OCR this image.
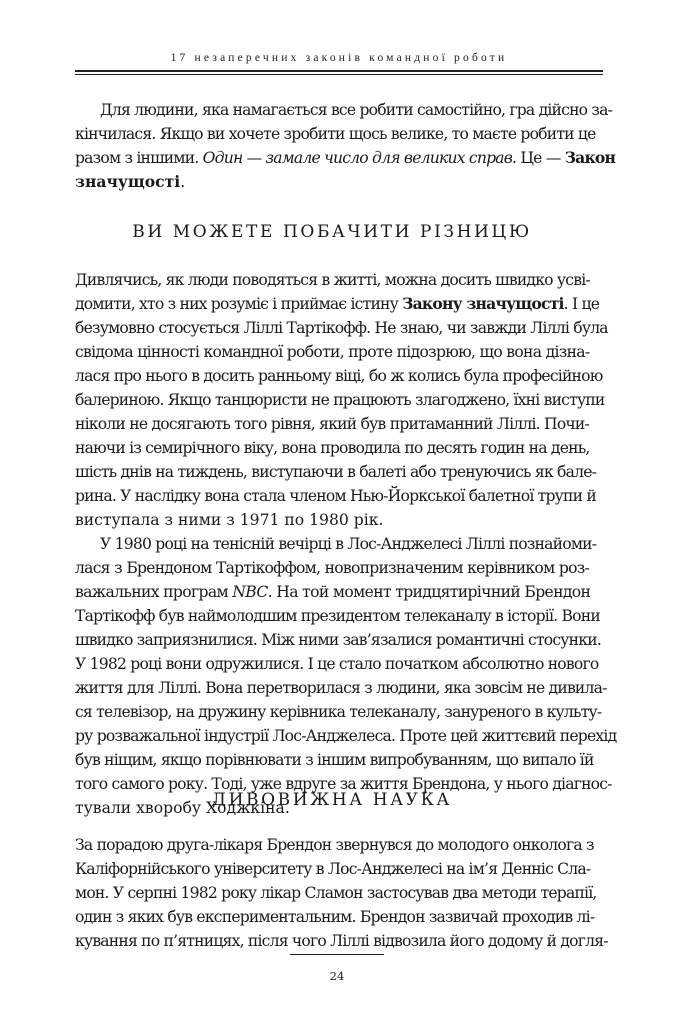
17 незаперечних законів командної роботи
Для людини, яка намагається все робити самостійно, гра дійсно за-
кінчилася. Якщо ви хочете зробити щось велике, то маєте робити це
разом з іншими. Один — замале число для великих справ. Це — Закон
значущості.
ВИ МОЖЕТЕ ПОБАЧИТИ РІЗНИЦЮ
Дивлячись, як люди поводяться в житті, можна досить швидко усві-
домити, хто з них розуміє і приймає істину Закону значущості. І це
безумовно стосується Ліллі Тартікофф. Не знаю, чи завжди Ліллі була
свідома цінності командної роботи, проте підозрюю, що вона дізна-
лася про нього в досить ранньому віці, бо ж колись була професійною
балериною. Якщо танцюристи не працюють злагоджено, їхні виступи
ніколи не досягають того рівня, який був притаманний Ліллі. Почи-
наючи із семирічного віку, вона проводила по десять годин на день,
шість днів на тиждень, виступаючи в балеті або тренуючись як бале-
рина. У наслідку вона стала членом Нью-Йоркської балетної трупи й
виступала з ними з 1971 по 1980 рік.
У 1980 році на тенісній вечірці в Лос-Анджелесі Ліллі познайоми-
лася з Брендоном Тартікоффом, новопризначеним керівником роз-
важальних програм NBC. На той момент тридцятирічний Брендон
Тартікофф був наймолодшим президентом телеканалу в історії. Вони
швидко заприязнилися. Між ними зав’язалися романтичні стосунки.
У 1982 році вони одружилися. І це стало початком абсолютно нового
життя для Ліллі. Вона перетворилася з людини, яка зовсім не дивила-
ся телевізор, на дружину керівника телеканалу, зануреного в культу-
ру розважальної індустрії Лос-Анджелеса. Проте цей життєвий перехід
був ніщим, якщо порівнювати з іншим випробуванням, що випало їй
того самого року. Тоді, уже вдруге за життя Брендона, у нього діагнос-
тували хворобу Ходжкіна.
ДИВОВИЖНА НАУКА
За порадою друга-лікаря Брендон звернувся до молодого онколога з
Каліфорнійського університету в Лос-Анджелесі на ім’я Денніс Сла-
мон. У серпні 1982 року лікар Сламон застосував два методи терапії,
один з яких був експериментальним. Брендон зазвичай проходив лі-
кування по п’ятницях, після чого Ліллі відвозила його додому й догля-
24
